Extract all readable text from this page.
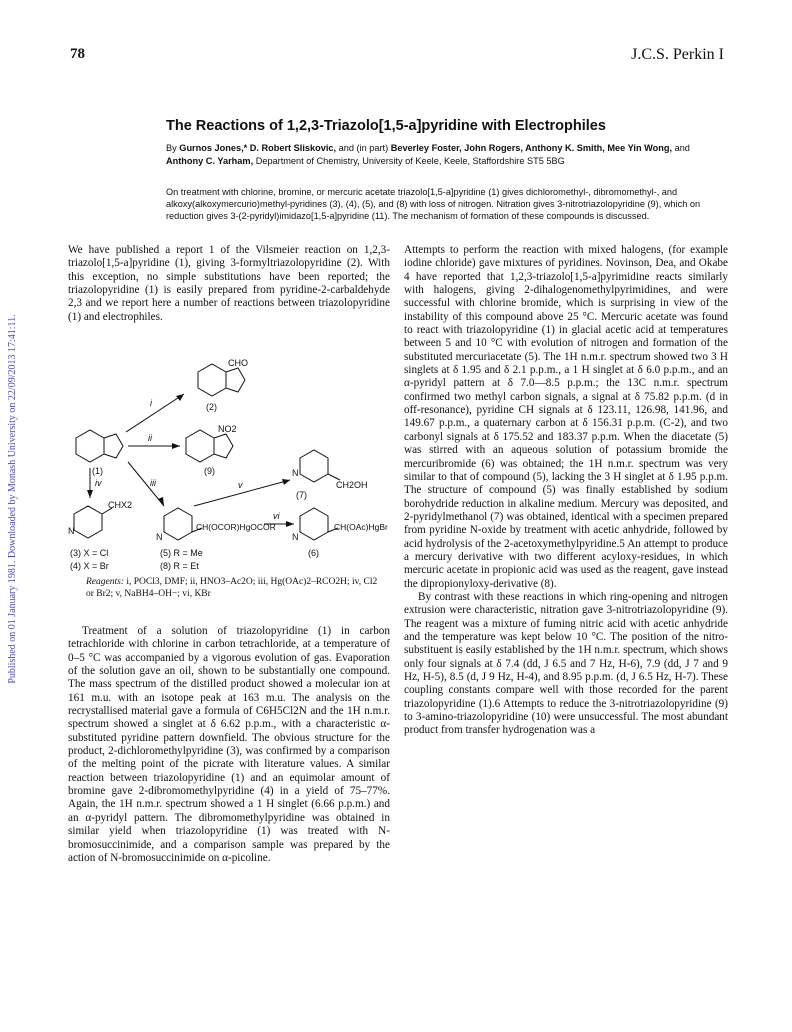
Published on 01 January 1981. Downloaded by Monash University on 22/09/2013 17:41:11.
78	J.C.S. Perkin I
The Reactions of 1,2,3-Triazolo[1,5-a]pyridine with Electrophiles
By Gurnos Jones,* D. Robert Sliskovic, and (in part) Beverley Foster, John Rogers, Anthony K. Smith, Mee Yin Wong, and Anthony C. Yarham, Department of Chemistry, University of Keele, Keele, Staffordshire ST5 5BG
On treatment with chlorine, bromine, or mercuric acetate triazolo[1,5-a]pyridine (1) gives dichloromethyl-, dibromomethyl-, and alkoxy(alkoxymercurio)methyl-pyridines (3), (4), (5), and (8) with loss of nitrogen. Nitration gives 3-nitrotriazolopyridine (9), which on reduction gives 3-(2-pyridyl)imidazo[1,5-a]pyridine (11). The mechanism of formation of these compounds is discussed.

We have published a report 1 of the Vilsmeier reaction on 1,2,3-triazolo[1,5-a]pyridine (1), giving 3-formyltriazolopyridine (2). With this exception, no simple substitutions have been reported; the triazolopyridine (1) is easily prepared from pyridine-2-carbaldehyde 2,3 and we report here a number of reactions between triazolopyridine (1) and electrophiles.

CHO
NO2
CH2OH
N
CHX2
N	CH(OCOR)HgOCOR
N
CH(OAc)HgBr
N
(1)
(2)
(9)
(7)
(6)
i
ii
iii
iv	v
vi
(3) X = Cl
(4) X = Br
(5) R = Me
(8) R = Et
Reagents: i, POCl3, DMF; ii, HNO3–Ac2O; iii, Hg(OAc)2–RCO2H; iv, Cl2 or Br2; v, NaBH4–OH−; vi, KBr

Treatment of a solution of triazolopyridine (1) in carbon tetrachloride with chlorine in carbon tetrachloride, at a temperature of 0–5 °C was accompanied by a vigorous evolution of gas. Evaporation of the solution gave an oil, shown to be substantially one compound. The mass spectrum of the distilled product showed a molecular ion at 161 m.u. with an isotope peak at 163 m.u. The analysis on the recrystallised material gave a formula of C6H5Cl2N and the 1H n.m.r. spectrum showed a singlet at δ 6.62 p.p.m., with a characteristic α-substituted pyridine pattern downfield. The obvious structure for the product, 2-dichloromethylpyridine (3), was confirmed by a comparison of the melting point of the picrate with literature values. A similar reaction between triazolopyridine (1) and an equimolar amount of bromine gave 2-dibromomethylpyridine (4) in a yield of 75–77%. Again, the 1H n.m.r. spectrum showed a 1 H singlet (6.66 p.p.m.) and an α-pyridyl pattern. The dibromomethylpyridine was obtained in similar yield when triazolopyridine (1) was treated with N-bromosuccinimide, and a comparison sample was prepared by the action of N-bromosuccinimide on α-picoline.

Attempts to perform the reaction with mixed halogens, (for example iodine chloride) gave mixtures of pyridines. Novinson, Dea, and Okabe 4 have reported that 1,2,3-triazolo[1,5-a]pyrimidine reacts similarly with halogens, giving 2-dihalogenomethylpyrimidines, and were successful with chlorine bromide, which is surprising in view of the instability of this compound above 25 °C. Mercuric acetate was found to react with triazolopyridine (1) in glacial acetic acid at temperatures between 5 and 10 °C with evolution of nitrogen and formation of the substituted mercuriacetate (5). The 1H n.m.r. spectrum showed two 3 H singlets at δ 1.95 and δ 2.1 p.p.m., a 1 H singlet at δ 6.0 p.p.m., and an α-pyridyl pattern at δ 7.0—8.5 p.p.m.; the 13C n.m.r. spectrum confirmed two methyl carbon signals, a signal at δ 75.82 p.p.m. (d in off-resonance), pyridine CH signals at δ 123.11, 126.98, 141.96, and 149.67 p.p.m., a quaternary carbon at δ 156.31 p.p.m. (C-2), and two carbonyl signals at δ 175.52 and 183.37 p.p.m. When the diacetate (5) was stirred with an aqueous solution of potassium bromide the mercuribromide (6) was obtained; the 1H n.m.r. spectrum was very similar to that of compound (5), lacking the 3 H singlet at δ 1.95 p.p.m. The structure of compound (5) was finally established by sodium borohydride reduction in alkaline medium. Mercury was deposited, and 2-pyridylmethanol (7) was obtained, identical with a specimen prepared from pyridine N-oxide by treatment with acetic anhydride, followed by acid hydrolysis of the 2-acetoxymethylpyridine.5 An attempt to produce a mercury derivative with two different acyloxy-residues, in which mercuric acetate in propionic acid was used as the reagent, gave instead the dipropionyloxy-derivative (8).

By contrast with these reactions in which ring-opening and nitrogen extrusion were characteristic, nitration gave 3-nitrotriazolopyridine (9). The reagent was a mixture of fuming nitric acid with acetic anhydride and the temperature was kept below 10 °C. The position of the nitro-substituent is easily established by the 1H n.m.r. spectrum, which shows only four signals at δ 7.4 (dd, J 6.5 and 7 Hz, H-6), 7.9 (dd, J 7 and 9 Hz, H-5), 8.5 (d, J 9 Hz, H-4), and 8.95 p.p.m. (d, J 6.5 Hz, H-7). These coupling constants compare well with those recorded for the parent triazolopyridine (1).6 Attempts to reduce the 3-nitrotriazolopyridine (9) to 3-amino-triazolopyridine (10) were unsuccessful. The most abundant product from transfer hydrogenation was a
